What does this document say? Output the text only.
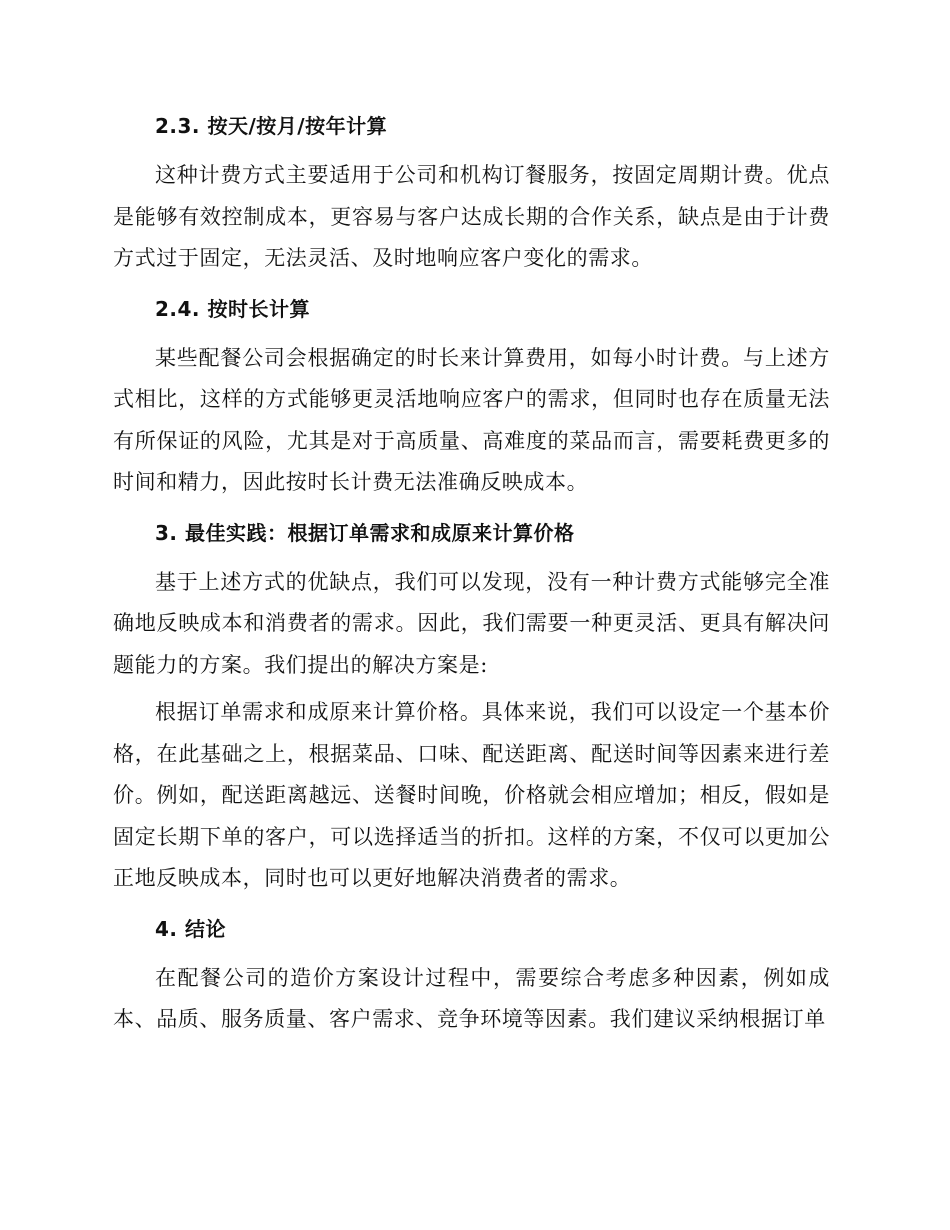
2.3. 按天/按月/按年计算

这种计费方式主要适用于公司和机构订餐服务，按固定周期计费。优点是能够有效控制成本，更容易与客户达成长期的合作关系，缺点是由于计费方式过于固定，无法灵活、及时地响应客户变化的需求。

2.4. 按时长计算

某些配餐公司会根据确定的时长来计算费用，如每小时计费。与上述方式相比，这样的方式能够更灵活地响应客户的需求，但同时也存在质量无法有所保证的风险，尤其是对于高质量、高难度的菜品而言，需要耗费更多的时间和精力，因此按时长计费无法准确反映成本。

3. 最佳实践：根据订单需求和成原来计算价格

基于上述方式的优缺点，我们可以发现，没有一种计费方式能够完全准确地反映成本和消费者的需求。因此，我们需要一种更灵活、更具有解决问题能力的方案。我们提出的解决方案是:

根据订单需求和成原来计算价格。具体来说，我们可以设定一个基本价格，在此基础之上，根据菜品、口味、配送距离、配送时间等因素来进行差价。例如，配送距离越远、送餐时间晚，价格就会相应增加；相反，假如是固定长期下单的客户，可以选择适当的折扣。这样的方案，不仅可以更加公正地反映成本，同时也可以更好地解决消费者的需求。

4. 结论

在配餐公司的造价方案设计过程中，需要综合考虑多种因素，例如成本、品质、服务质量、客户需求、竞争环境等因素。我们建议采纳根据订单
